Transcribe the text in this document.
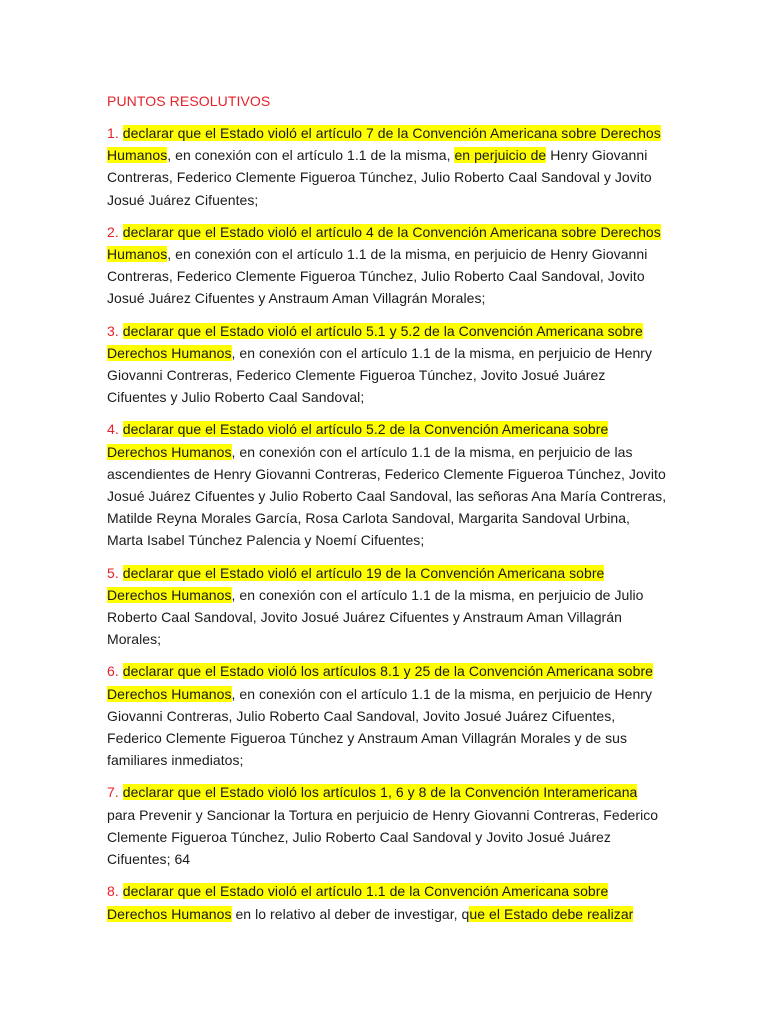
PUNTOS RESOLUTIVOS

1. declarar que el Estado violó el artículo 7 de la Convención Americana sobre Derechos Humanos, en conexión con el artículo 1.1 de la misma, en perjuicio de Henry Giovanni Contreras, Federico Clemente Figueroa Túnchez, Julio Roberto Caal Sandoval y Jovito Josué Juárez Cifuentes;

2. declarar que el Estado violó el artículo 4 de la Convención Americana sobre Derechos Humanos, en conexión con el artículo 1.1 de la misma, en perjuicio de Henry Giovanni Contreras, Federico Clemente Figueroa Túnchez, Julio Roberto Caal Sandoval, Jovito Josué Juárez Cifuentes y Anstraum Aman Villagrán Morales;

3. declarar que el Estado violó el artículo 5.1 y 5.2 de la Convención Americana sobre Derechos Humanos, en conexión con el artículo 1.1 de la misma, en perjuicio de Henry Giovanni Contreras, Federico Clemente Figueroa Túnchez, Jovito Josué Juárez Cifuentes y Julio Roberto Caal Sandoval;

4. declarar que el Estado violó el artículo 5.2 de la Convención Americana sobre Derechos Humanos, en conexión con el artículo 1.1 de la misma, en perjuicio de las ascendientes de Henry Giovanni Contreras, Federico Clemente Figueroa Túnchez, Jovito Josué Juárez Cifuentes y Julio Roberto Caal Sandoval, las señoras Ana María Contreras, Matilde Reyna Morales García, Rosa Carlota Sandoval, Margarita Sandoval Urbina, Marta Isabel Túnchez Palencia y Noemí Cifuentes;

5. declarar que el Estado violó el artículo 19 de la Convención Americana sobre Derechos Humanos, en conexión con el artículo 1.1 de la misma, en perjuicio de Julio Roberto Caal Sandoval, Jovito Josué Juárez Cifuentes y Anstraum Aman Villagrán Morales;

6. declarar que el Estado violó los artículos 8.1 y 25 de la Convención Americana sobre Derechos Humanos, en conexión con el artículo 1.1 de la misma, en perjuicio de Henry Giovanni Contreras, Julio Roberto Caal Sandoval, Jovito Josué Juárez Cifuentes, Federico Clemente Figueroa Túnchez y Anstraum Aman Villagrán Morales y de sus familiares inmediatos;

7. declarar que el Estado violó los artículos 1, 6 y 8 de la Convención Interamericana para Prevenir y Sancionar la Tortura en perjuicio de Henry Giovanni Contreras, Federico Clemente Figueroa Túnchez, Julio Roberto Caal Sandoval y Jovito Josué Juárez Cifuentes; 64

8. declarar que el Estado violó el artículo 1.1 de la Convención Americana sobre Derechos Humanos en lo relativo al deber de investigar, que el Estado debe realizar
